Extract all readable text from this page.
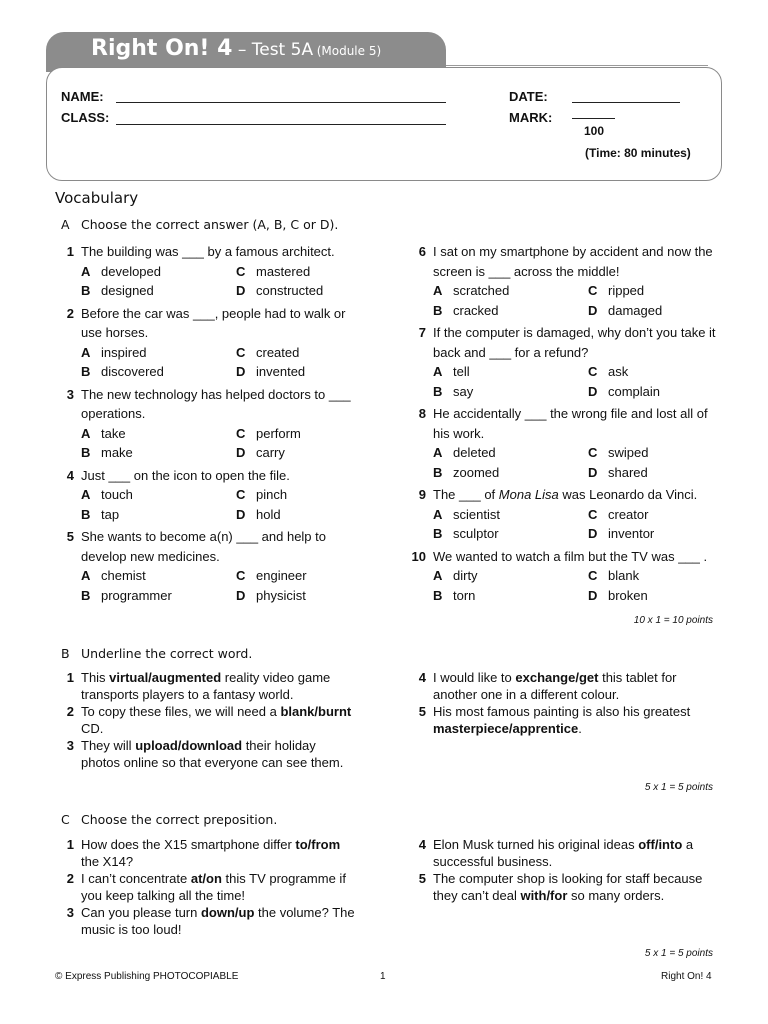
Right On! 4 – Test 5A (Module 5)
NAME:
CLASS:
DATE:
MARK:
100
(Time: 80 minutes)
Vocabulary
A Choose the correct answer (A, B, C or D).
1 The building was ___ by a famous architect.
A developed	C mastered
B designed	D constructed
2 Before the car was ___, people had to walk or use horses.
A inspired	C created
B discovered	D invented
3 The new technology has helped doctors to ___ operations.
A take	C perform
B make	D carry
4 Just ___ on the icon to open the file.
A touch	C pinch
B tap	D hold
5 She wants to become a(n) ___ and help to develop new medicines.
A chemist	C engineer
B programmer	D physicist
6 I sat on my smartphone by accident and now the screen is ___ across the middle!
A scratched	C ripped
B cracked	D damaged
7 If the computer is damaged, why don’t you take it back and ___ for a refund?
A tell	C ask
B say	D complain
8 He accidentally ___ the wrong file and lost all of his work.
A deleted	C swiped
B zoomed	D shared
9 The ___ of Mona Lisa was Leonardo da Vinci.
A scientist	C creator
B sculptor	D inventor
10 We wanted to watch a film but the TV was ___ .
A dirty	C blank
B torn	D broken
10 x 1 = 10 points
B Underline the correct word.
1 This virtual/augmented reality video game transports players to a fantasy world.
2 To copy these files, we will need a blank/burnt CD.
3 They will upload/download their holiday photos online so that everyone can see them.
4 I would like to exchange/get this tablet for another one in a different colour.
5 His most famous painting is also his greatest masterpiece/apprentice.
5 x 1 = 5 points
C Choose the correct preposition.
1 How does the X15 smartphone differ to/from the X14?
2 I can’t concentrate at/on this TV programme if you keep talking all the time!
3 Can you please turn down/up the volume? The music is too loud!
4 Elon Musk turned his original ideas off/into a successful business.
5 The computer shop is looking for staff because they can’t deal with/for so many orders.
5 x 1 = 5 points
© Express Publishing PHOTOCOPIABLE	1	Right On! 4
